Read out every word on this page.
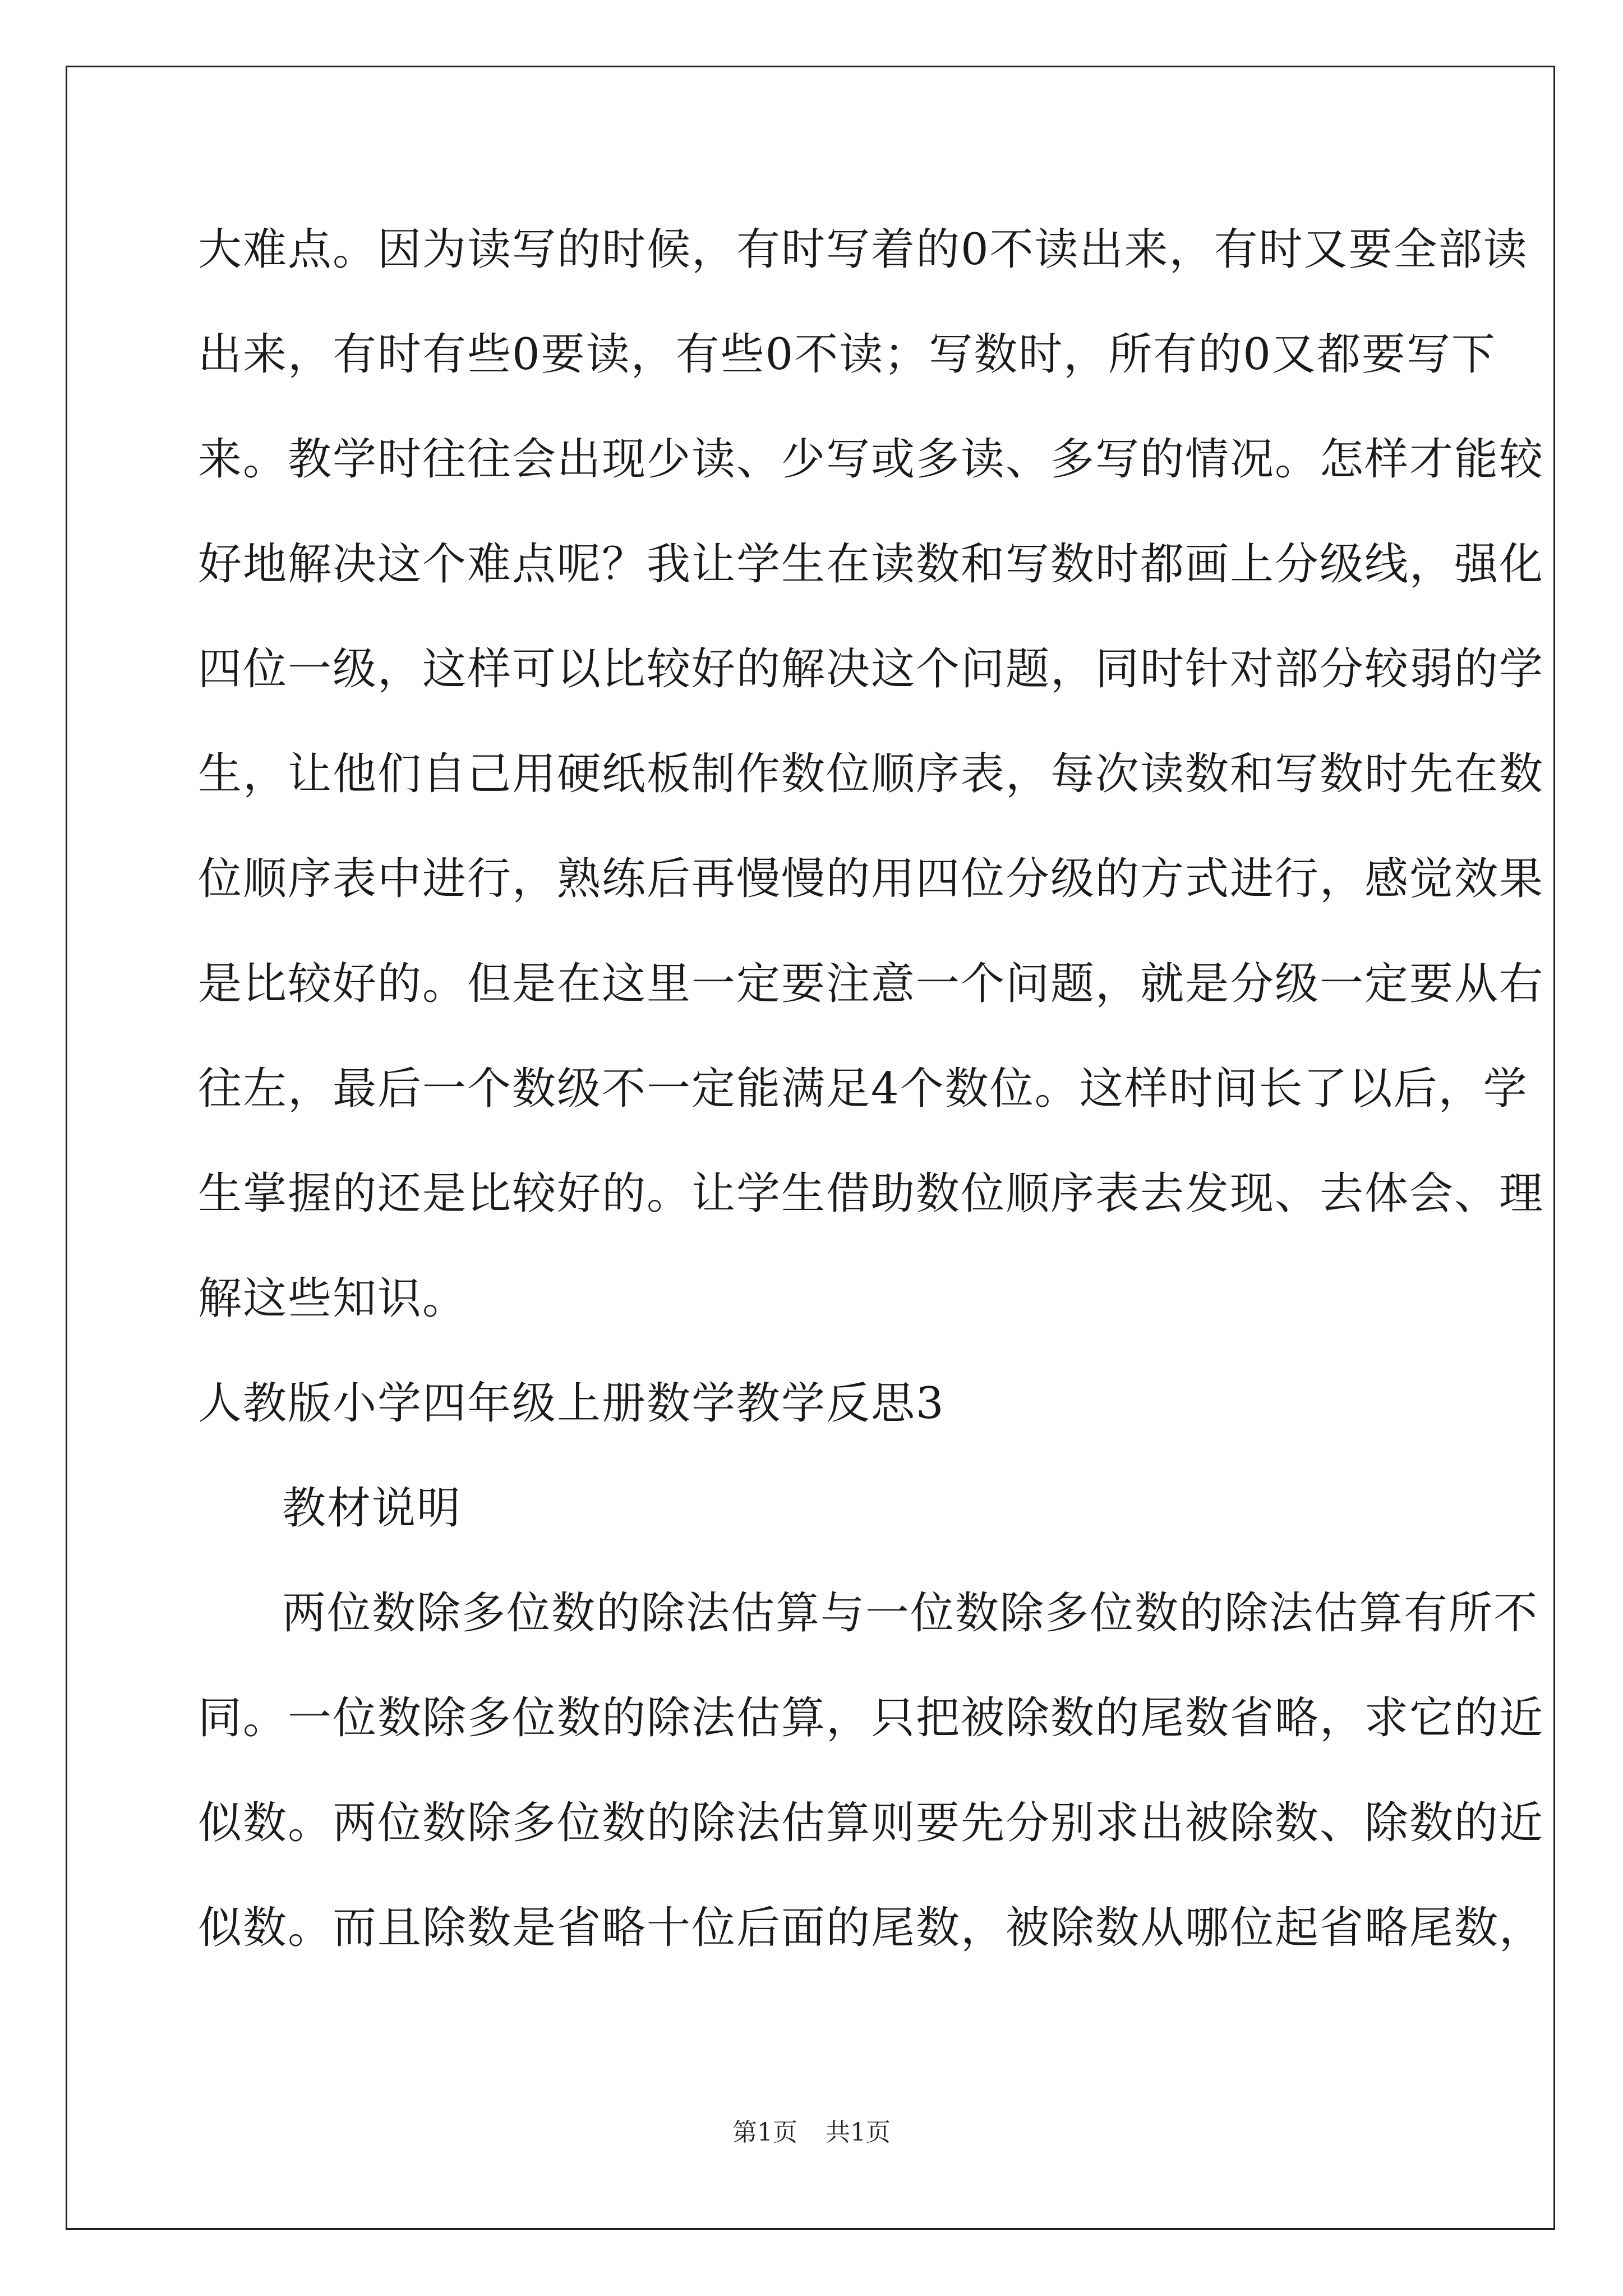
大难点。因为读写的时候，有时写着的0不读出来，有时又要全部读
出来，有时有些0要读，有些0不读；写数时，所有的0又都要写下
来。教学时往往会出现少读、少写或多读、多写的情况。怎样才能较
好地解决这个难点呢？我让学生在读数和写数时都画上分级线，强化
四位一级，这样可以比较好的解决这个问题，同时针对部分较弱的学
生，让他们自己用硬纸板制作数位顺序表，每次读数和写数时先在数
位顺序表中进行，熟练后再慢慢的用四位分级的方式进行，感觉效果
是比较好的。但是在这里一定要注意一个问题，就是分级一定要从右
往左，最后一个数级不一定能满足4个数位。这样时间长了以后，学
生掌握的还是比较好的。让学生借助数位顺序表去发现、去体会、理
解这些知识。
人教版小学四年级上册数学教学反思3
教材说明
两位数除多位数的除法估算与一位数除多位数的除法估算有所不
同。一位数除多位数的除法估算，只把被除数的尾数省略，求它的近
似数。两位数除多位数的除法估算则要先分别求出被除数、除数的近
似数。而且除数是省略十位后面的尾数，被除数从哪位起省略尾数，
第1页 共1页
